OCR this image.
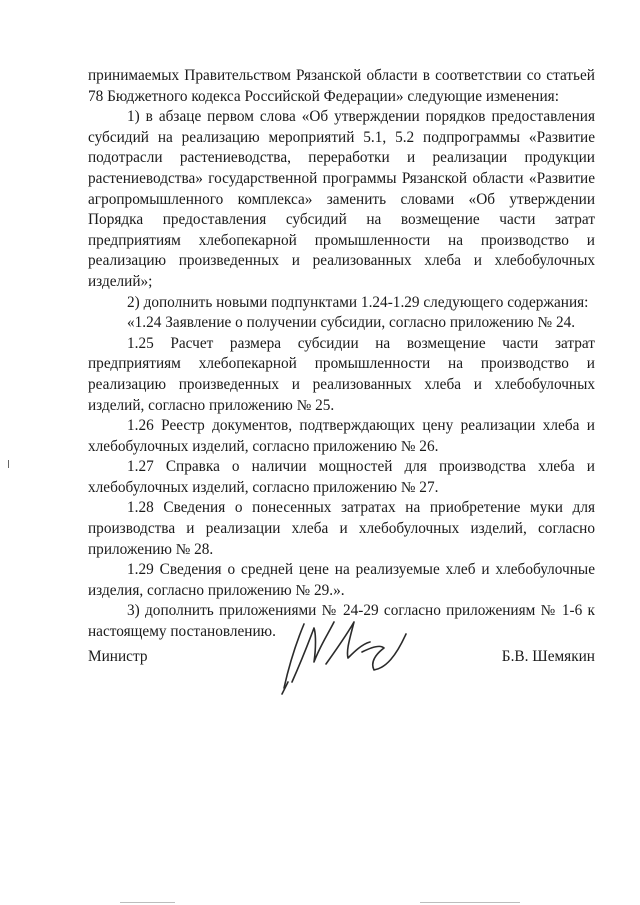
принимаемых Правительством Рязанской области в соответствии со статьей 78 Бюджетного кодекса Российской Федерации» следующие изменения:

1) в абзаце первом слова «Об утверждении порядков предоставления субсидий на реализацию мероприятий 5.1, 5.2 подпрограммы «Развитие подотрасли растениеводства, переработки и реализации продукции растениеводства» государственной программы Рязанской области «Развитие агропромышленного комплекса» заменить словами «Об утверждении Порядка предоставления субсидий на возмещение части затрат предприятиям хлебопекарной промышленности на производство и реализацию произведенных и реализованных хлеба и хлебобулочных изделий»;

2) дополнить новыми подпунктами 1.24-1.29 следующего содержания:

«1.24 Заявление о получении субсидии, согласно приложению № 24.

1.25 Расчет размера субсидии на возмещение части затрат предприятиям хлебопекарной промышленности на производство и реализацию произведенных и реализованных хлеба и хлебобулочных изделий, согласно приложению № 25.

1.26 Реестр документов, подтверждающих цену реализации хлеба и хлебобулочных изделий, согласно приложению № 26.

1.27 Справка о наличии мощностей для производства хлеба и хлебобулочных изделий, согласно приложению № 27.

1.28 Сведения о понесенных затратах на приобретение муки для производства и реализации хлеба и хлебобулочных изделий, согласно приложению № 28.

1.29 Сведения о средней цене на реализуемые хлеб и хлебобулочные изделия, согласно приложению № 29.».

3) дополнить приложениями № 24-29 согласно приложениям № 1-6 к настоящему постановлению.

Министр	Б.В. Шемякин
